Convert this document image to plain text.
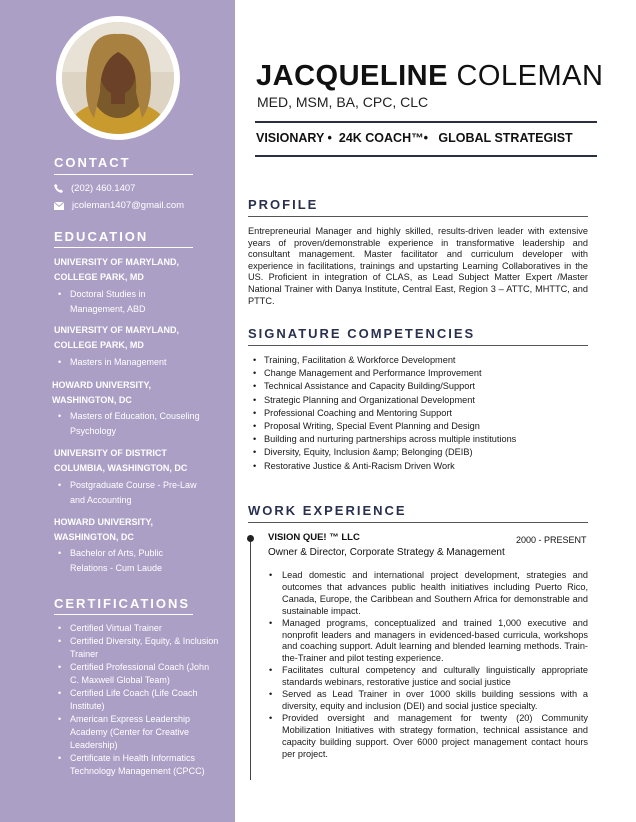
CONTACT
(202) 460.1407
jcoleman1407@gmail.com
EDUCATION
UNIVERSITY OF MARYLAND, COLLEGE PARK, MD
• Doctoral Studies in Management, ABD
UNIVERSITY OF MARYLAND, COLLEGE PARK, MD
• Masters in Management
HOWARD UNIVERSITY, WASHINGTON, DC
• Masters of Education, Couseling Psychology
UNIVERSITY OF DISTRICT COLUMBIA, WASHINGTON, DC
• Postgraduate Course - Pre-Law and Accounting
HOWARD UNIVERSITY, WASHINGTON, DC
• Bachelor of Arts, Public Relations - Cum Laude
CERTIFICATIONS
• Certified Virtual Trainer
• Certified Diversity, Equity, & Inclusion Trainer
• Certified Professional Coach (John C. Maxwell Global Team)
• Certified Life Coach (Life Coach Institute)
• American Express Leadership Academy (Center for Creative Leadership)
• Certificate in Health Informatics Technology Management (CPCC)
JACQUELINE COLEMAN
MED, MSM, BA, CPC, CLC
VISIONARY •  24K COACH™•   GLOBAL STRATEGIST
PROFILE
Entrepreneurial Manager and highly skilled, results-driven leader with extensive years of proven/demonstrable experience in transformative leadership and consultant management. Master facilitator and curriculum developer with experience in facilitations, trainings and upstarting Learning Collaboratives in the US. Proficient in integration of CLAS, as Lead Subject Matter Expert /Master National Trainer with Danya Institute, Central East, Region 3 – ATTC, MHTTC, and PTTC.
SIGNATURE COMPETENCIES
• Training, Facilitation & Workforce Development
• Change Management and Performance Improvement
• Technical Assistance and Capacity Building/Support
• Strategic Planning and Organizational Development
• Professional Coaching and Mentoring Support
• Proposal Writing, Special Event Planning and Design
• Building and nurturing partnerships across multiple institutions
• Diversity, Equity, Inclusion &amp; Belonging (DEIB)
• Restorative Justice & Anti-Racism Driven Work
WORK EXPERIENCE
VISION QUE! ™ LLC	2000 - PRESENT
Owner & Director, Corporate Strategy & Management
• Lead domestic and international project development, strategies and outcomes that advances public health initiatives including Puerto Rico, Canada, Europe, the Caribbean and Southern Africa for demonstrable and sustainable impact.
• Managed programs, conceptualized and trained 1,000 executive and nonprofit leaders and managers in evidenced-based curricula, workshops and coaching support. Adult learning and blended learning methods. Train-the-Trainer and pilot testing experience.
• Facilitates cultural competency and culturally linguistically appropriate standards webinars, restorative justice and social justice
• Served as Lead Trainer in over 1000 skills building sessions with a diversity, equity and inclusion (DEI) and social justice specialty.
• Provided oversight and management for twenty (20) Community Mobilization Initiatives with strategy formation, technical assistance and capacity building support. Over 6000 project management contact hours per project.
